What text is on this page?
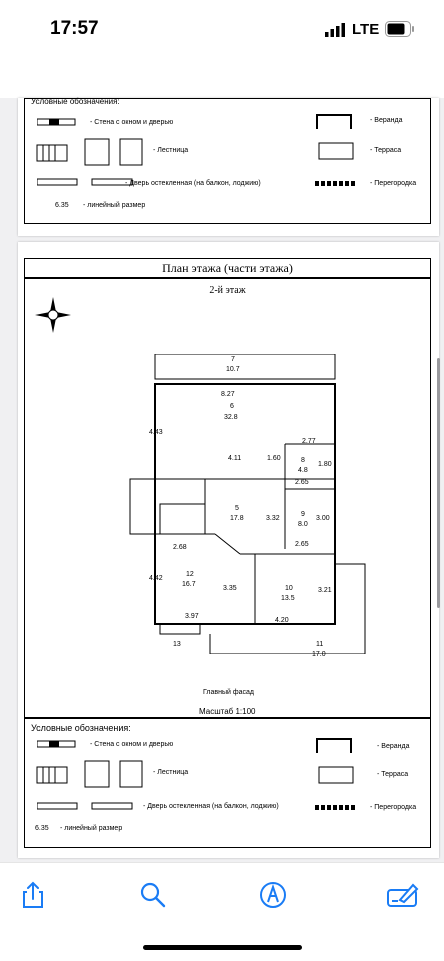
17:57	LTE
Условные обозначения:
- Стена с окном и дверью
- Лестница
- Дверь остекленная (на балкон, лоджию)
6.35 - линейный размер
- Веранда
- Терраса
- Перегородка
План этажа (части этажа)
2-й этаж
7
10.7
6
32.8
8
4.8
5
17.8
9
8.0
12
16.7
10
13.5
13	11
17.0
8.27
4.43
4.11	1.60
2.77
1.80
2.65
3.32	3.00
2.65
2.68
4.42
3.35	3.21
3.97
4.20
Главный фасад
Масштаб 1:100
Условные обозначения:
- Стена с окном и дверью
- Лестница
- Дверь остекленная (на балкон, лоджию)
6.35 - линейный размер
- Веранда
- Терраса
- Перегородка
